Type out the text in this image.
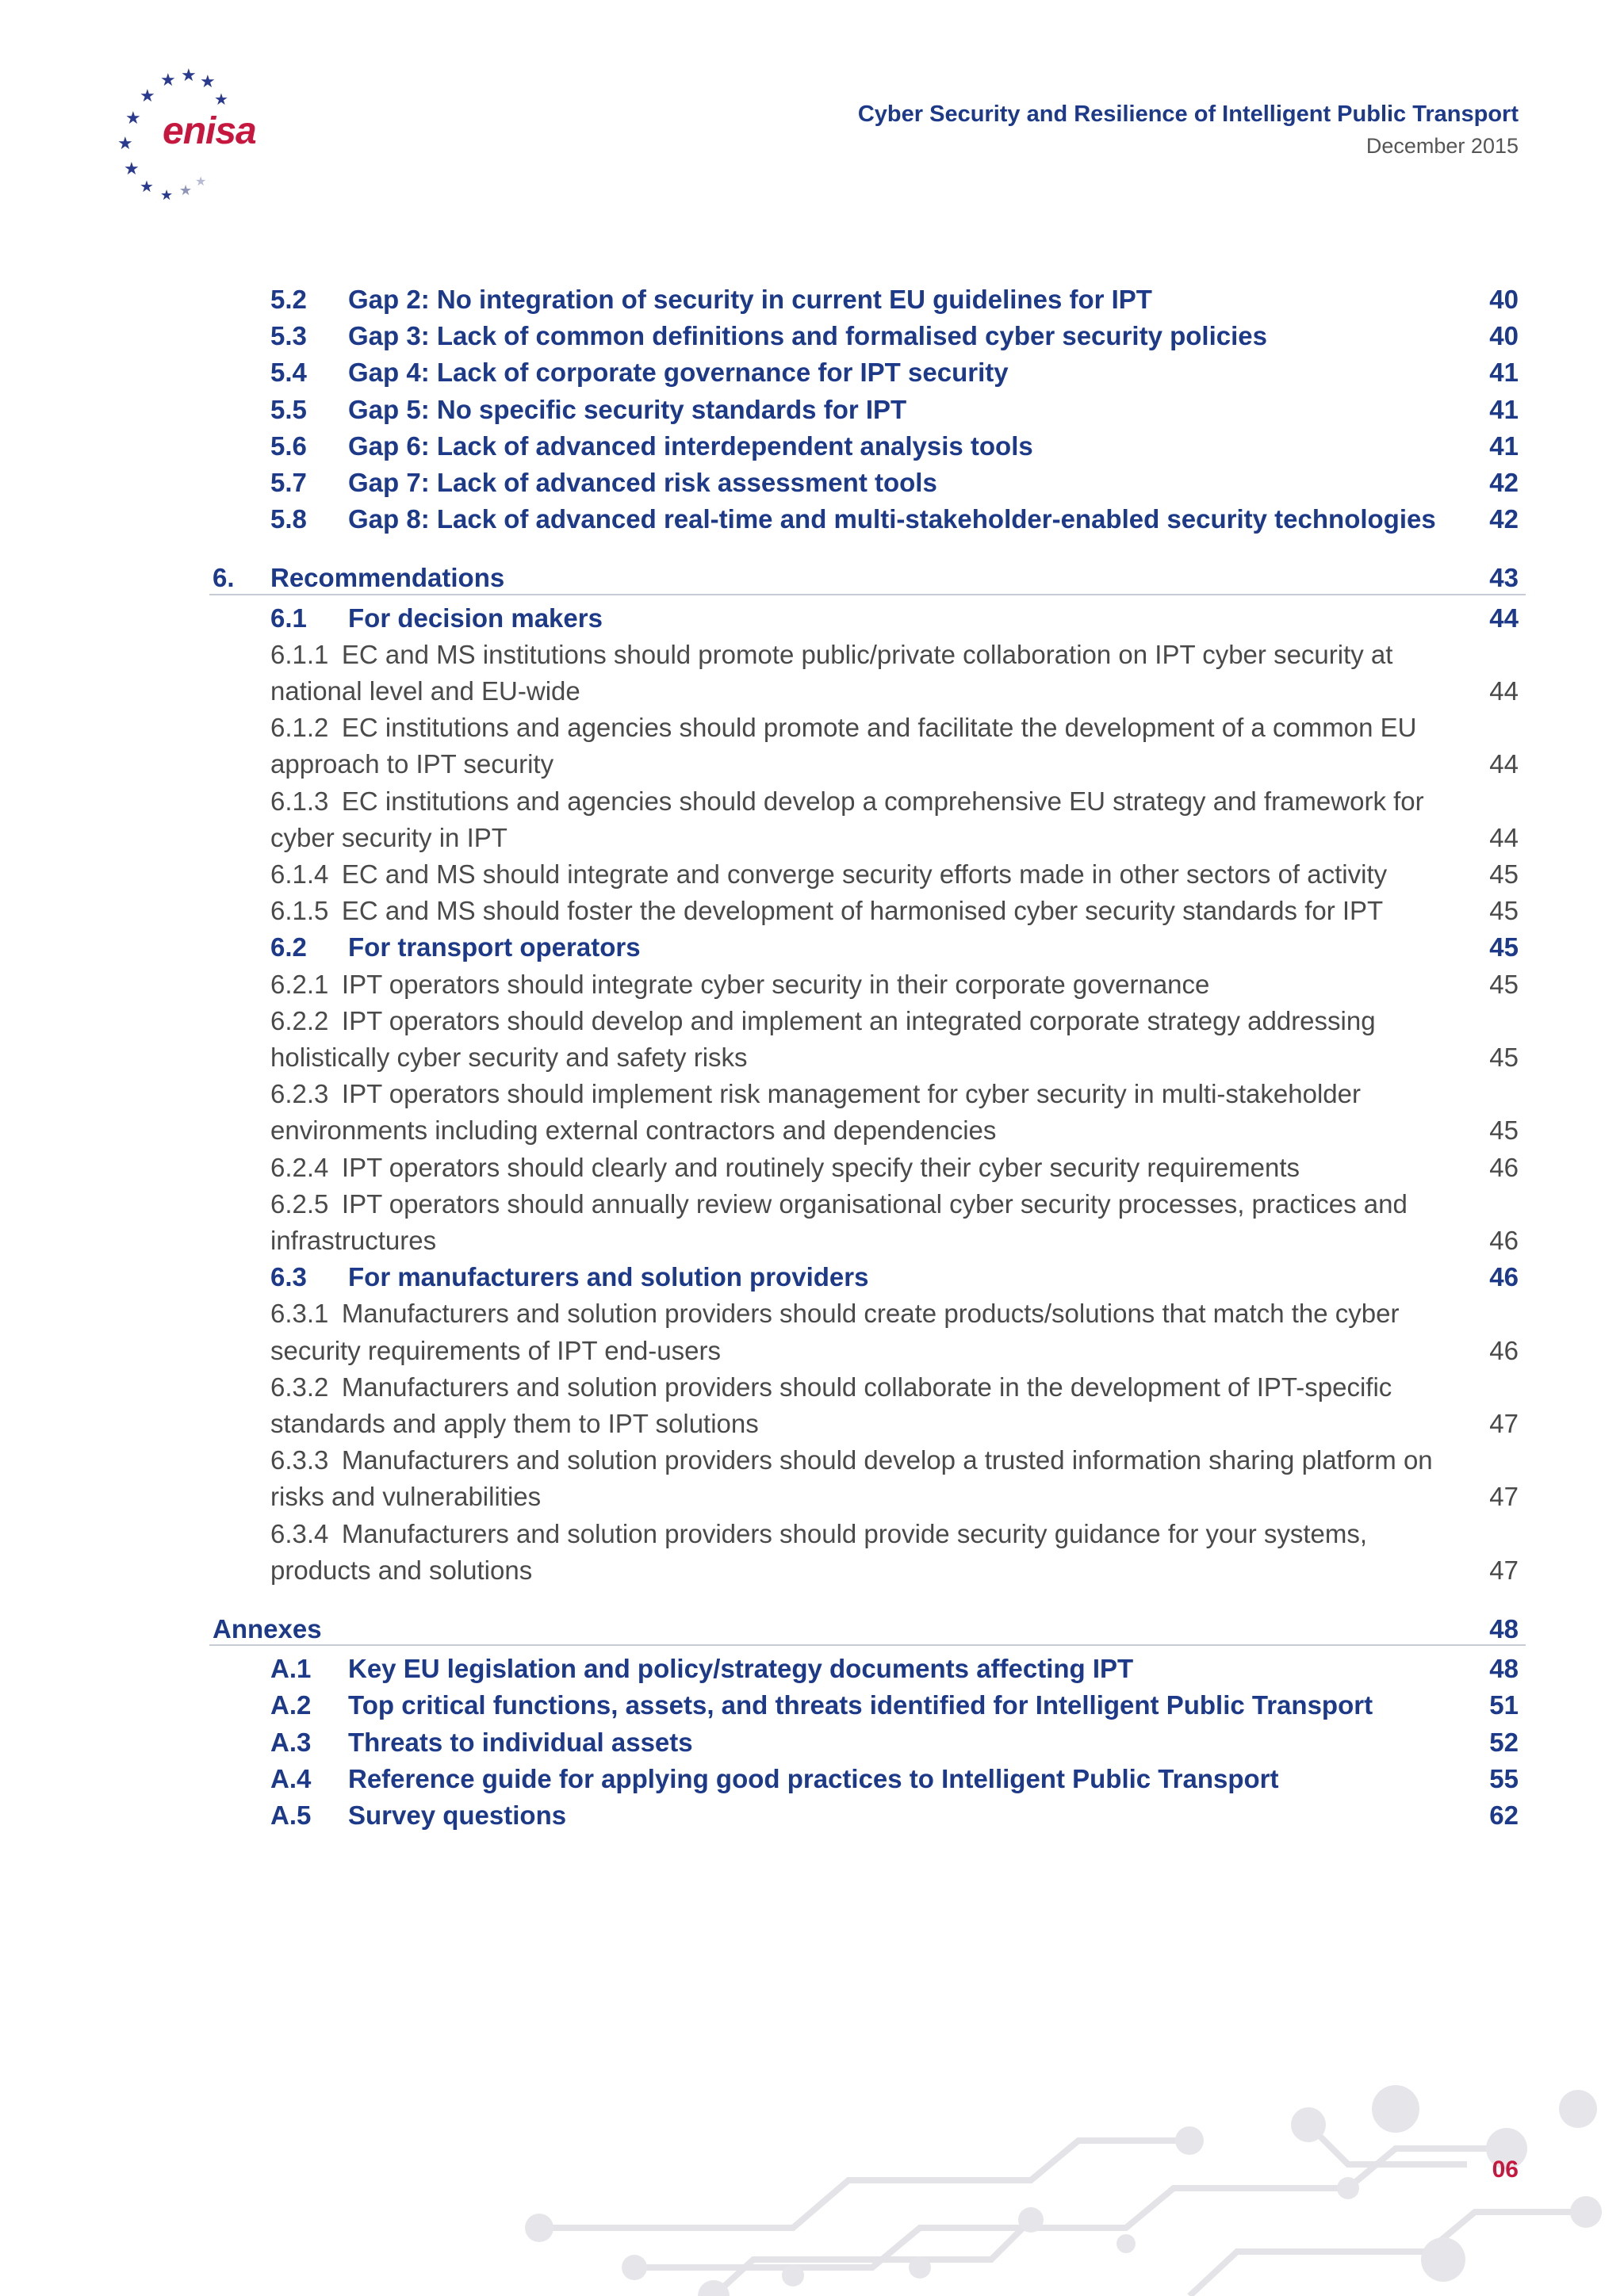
★ ★ ★
★	★
★
★
★
★ ★ ★
★
enisa	Cyber Security and Resilience of Intelligent Public Transport
December 2015
5.2 Gap 2: No integration of security in current EU guidelines for IPT	40
5.3 Gap 3: Lack of common definitions and formalised cyber security policies	40
5.4 Gap 4: Lack of corporate governance for IPT security	41
5.5 Gap 5: No specific security standards for IPT	41
5.6 Gap 6: Lack of advanced interdependent analysis tools	41
5.7 Gap 7: Lack of advanced risk assessment tools	42
5.8 Gap 8: Lack of advanced real-time and multi-stakeholder-enabled security technologies 42
6. Recommendations	43
6.1 For decision makers	44
6.1.1 EC and MS institutions should promote public/private collaboration on IPT cyber security at
national level and EU-wide	44
6.1.2 EC institutions and agencies should promote and facilitate the development of a common EU
approach to IPT security	44
6.1.3 EC institutions and agencies should develop a comprehensive EU strategy and framework for
cyber security in IPT	44
6.1.4 EC and MS should integrate and converge security efforts made in other sectors of activity	45
6.1.5 EC and MS should foster the development of harmonised cyber security standards for IPT	45
6.2 For transport operators	45
6.2.1 IPT operators should integrate cyber security in their corporate governance	45
6.2.2 IPT operators should develop and implement an integrated corporate strategy addressing
holistically cyber security and safety risks	45
6.2.3 IPT operators should implement risk management for cyber security in multi-stakeholder
environments including external contractors and dependencies	45
6.2.4 IPT operators should clearly and routinely specify their cyber security requirements	46
6.2.5 IPT operators should annually review organisational cyber security processes, practices and
infrastructures	46
6.3 For manufacturers and solution providers	46
6.3.1 Manufacturers and solution providers should create products/solutions that match the cyber
security requirements of IPT end-users	46
6.3.2 Manufacturers and solution providers should collaborate in the development of IPT-specific
standards and apply them to IPT solutions	47
6.3.3 Manufacturers and solution providers should develop a trusted information sharing platform on
risks and vulnerabilities	47
6.3.4 Manufacturers and solution providers should provide security guidance for your systems,
products and solutions	47
Annexes	48
A.1 Key EU legislation and policy/strategy documents affecting IPT	48
A.2 Top critical functions, assets, and threats identified for Intelligent Public Transport	51
A.3 Threats to individual assets	52
A.4 Reference guide for applying good practices to Intelligent Public Transport	55
A.5 Survey questions	62
06
